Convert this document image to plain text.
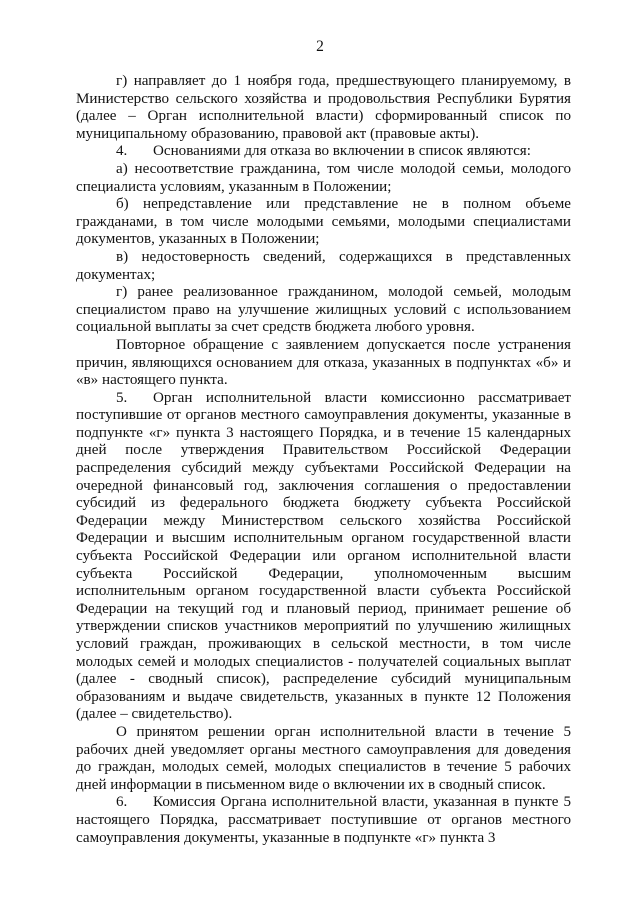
2

г) направляет до 1 ноября года, предшествующего планируемому, в Министерство сельского хозяйства и продовольствия Республики Бурятия (далее – Орган исполнительной власти) сформированный список по муниципальному образованию, правовой акт (правовые акты).

4. Основаниями для отказа во включении в список являются:

а) несоответствие гражданина, том числе молодой семьи, молодого специалиста условиям, указанным в Положении;

б) непредставление или представление не в полном объеме гражданами, в том числе молодыми семьями, молодыми специалистами документов, указанных в Положении;

в) недостоверность сведений, содержащихся в представленных документах;

г) ранее реализованное гражданином, молодой семьей, молодым специалистом право на улучшение жилищных условий с использованием социальной выплаты за счет средств бюджета любого уровня.

Повторное обращение с заявлением допускается после устранения причин, являющихся основанием для отказа, указанных в подпунктах «б» и «в» настоящего пункта.

5. Орган исполнительной власти комиссионно рассматривает поступившие от органов местного самоуправления документы, указанные в подпункте «г» пункта 3 настоящего Порядка, и в течение 15 календарных дней после утверждения Правительством Российской Федерации распределения субсидий между субъектами Российской Федерации на очередной финансовый год, заключения соглашения о предоставлении субсидий из федерального бюджета бюджету субъекта Российской Федерации между Министерством сельского хозяйства Российской Федерации и высшим исполнительным органом государственной власти субъекта Российской Федерации или органом исполнительной власти субъекта Российской Федерации, уполномоченным высшим исполнительным органом государственной власти субъекта Российской Федерации на текущий год и плановый период, принимает решение об утверждении списков участников мероприятий по улучшению жилищных условий граждан, проживающих в сельской местности, в том числе молодых семей и молодых специалистов - получателей социальных выплат (далее - сводный список), распределение субсидий муниципальным образованиям и выдаче свидетельств, указанных в пункте 12 Положения (далее – свидетельство).

О принятом решении орган исполнительной власти в течение 5 рабочих дней уведомляет органы местного самоуправления для доведения до граждан, молодых семей, молодых специалистов в течение 5 рабочих дней информации в письменном виде о включении их в сводный список.

6. Комиссия Органа исполнительной власти, указанная в пункте 5 настоящего Порядка, рассматривает поступившие от органов местного самоуправления документы, указанные в подпункте «г» пункта 3
